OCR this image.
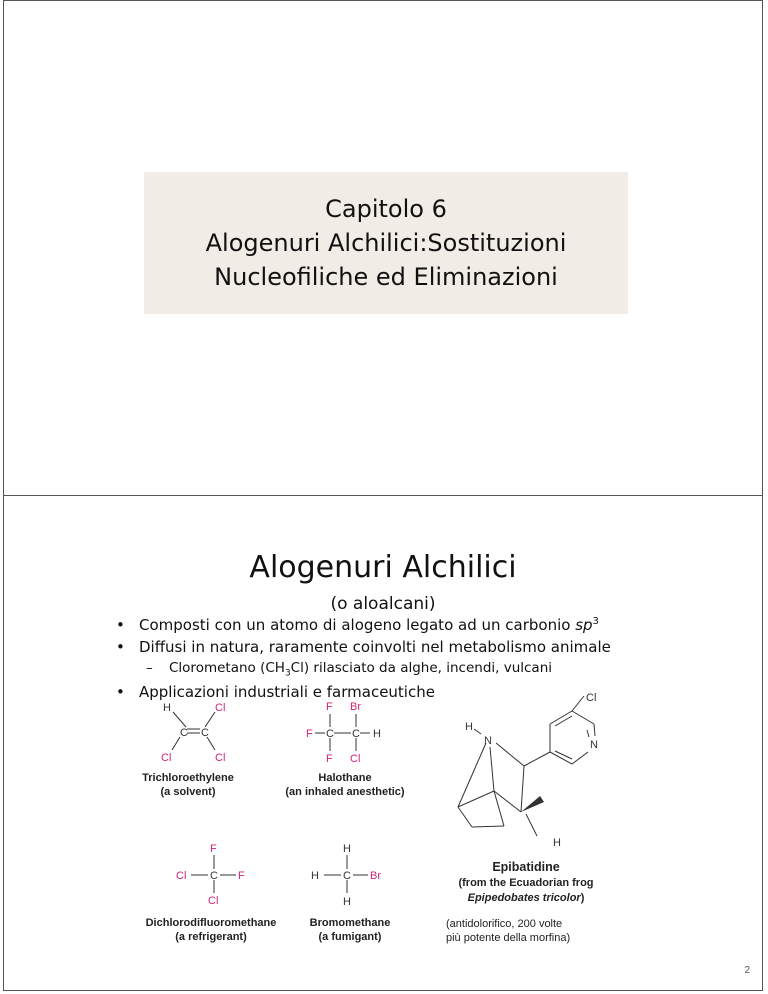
Capitolo 6
Alogenuri Alchilici:Sostituzioni
Nucleofiliche ed Eliminazioni
Alogenuri Alchilici
(o aloalcani)
• Composti con un atomo di alogeno legato ad un carbonio $sp^3$
• Diffusi in natura, raramente coinvolti nel metabolismo animale
– Clorometano $(CH_3Cl)$ rilasciato da alghe, incendi, vulcani
• Applicazioni industriali e farmaceutiche
H	Cl
C C
Cl	Cl
F Br
F C C H
F Cl
F
Cl C F
Cl
H
H C Br
H
H
N	N
Cl
H
Trichloroethylene
(a solvent)
Halothane
(an inhaled anesthetic)
Dichlorodifluoromethane
(a refrigerant)
Bromomethane
(a fumigant)
Epibatidine
(from the Ecuadorian frog
Epipedobates tricolor)
(antidolorifico, 200 volte
più potente della morfina)
2
